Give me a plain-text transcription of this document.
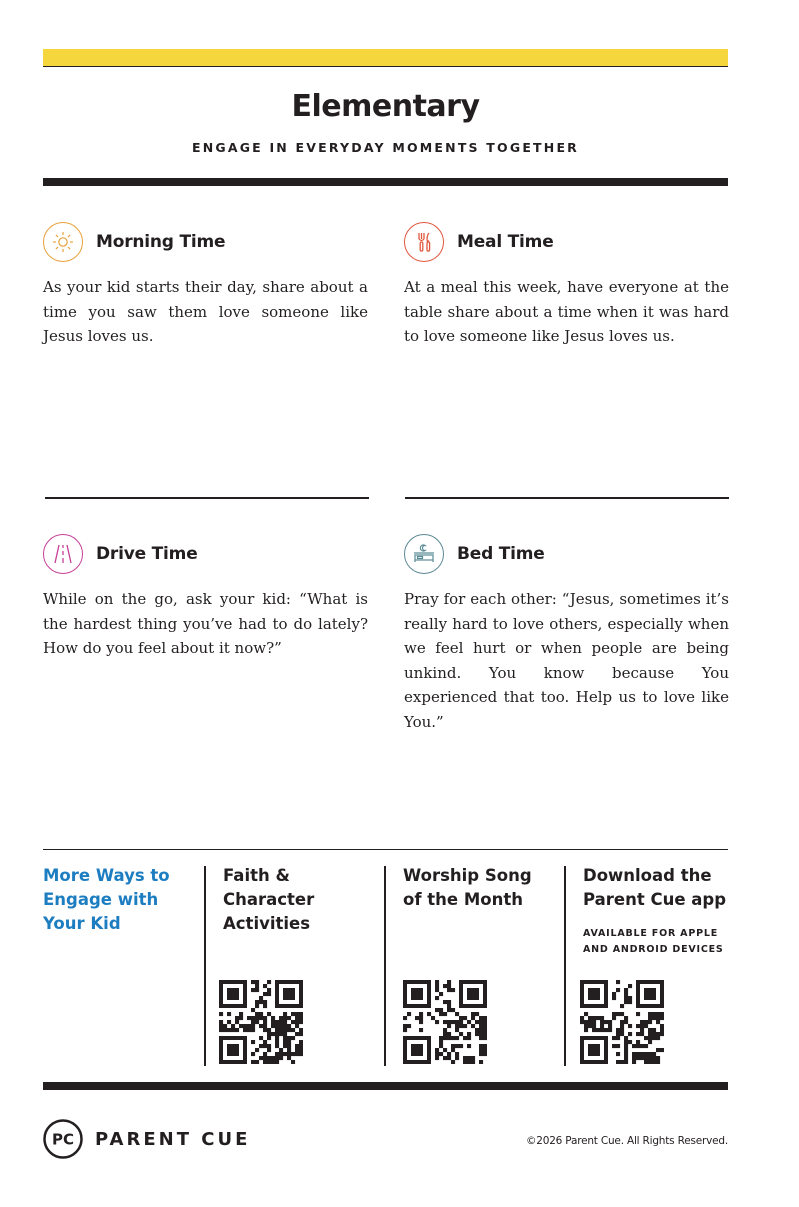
Elementary
ENGAGE IN EVERYDAY MOMENTS TOGETHER
Morning Time
As your kid starts their day, share about a time you saw them love someone like Jesus loves us.
Meal Time
At a meal this week, have everyone at the table share about a time when it was hard to love someone like Jesus loves us.
Drive Time
While on the go, ask your kid: “What is the hardest thing you’ve had to do lately? How do you feel about it now?”
Bed Time
Pray for each other: “Jesus, sometimes it’s really hard to love others, especially when we feel hurt or when people are being unkind. You know because You experienced that too. Help us to love like You.”
More Ways to Engage with Your Kid
Faith & Character Activities
Worship Song of the Month
Download the Parent Cue app
AVAILABLE FOR APPLE AND ANDROID DEVICES
PC PARENT CUE	©2026 Parent Cue. All Rights Reserved.
